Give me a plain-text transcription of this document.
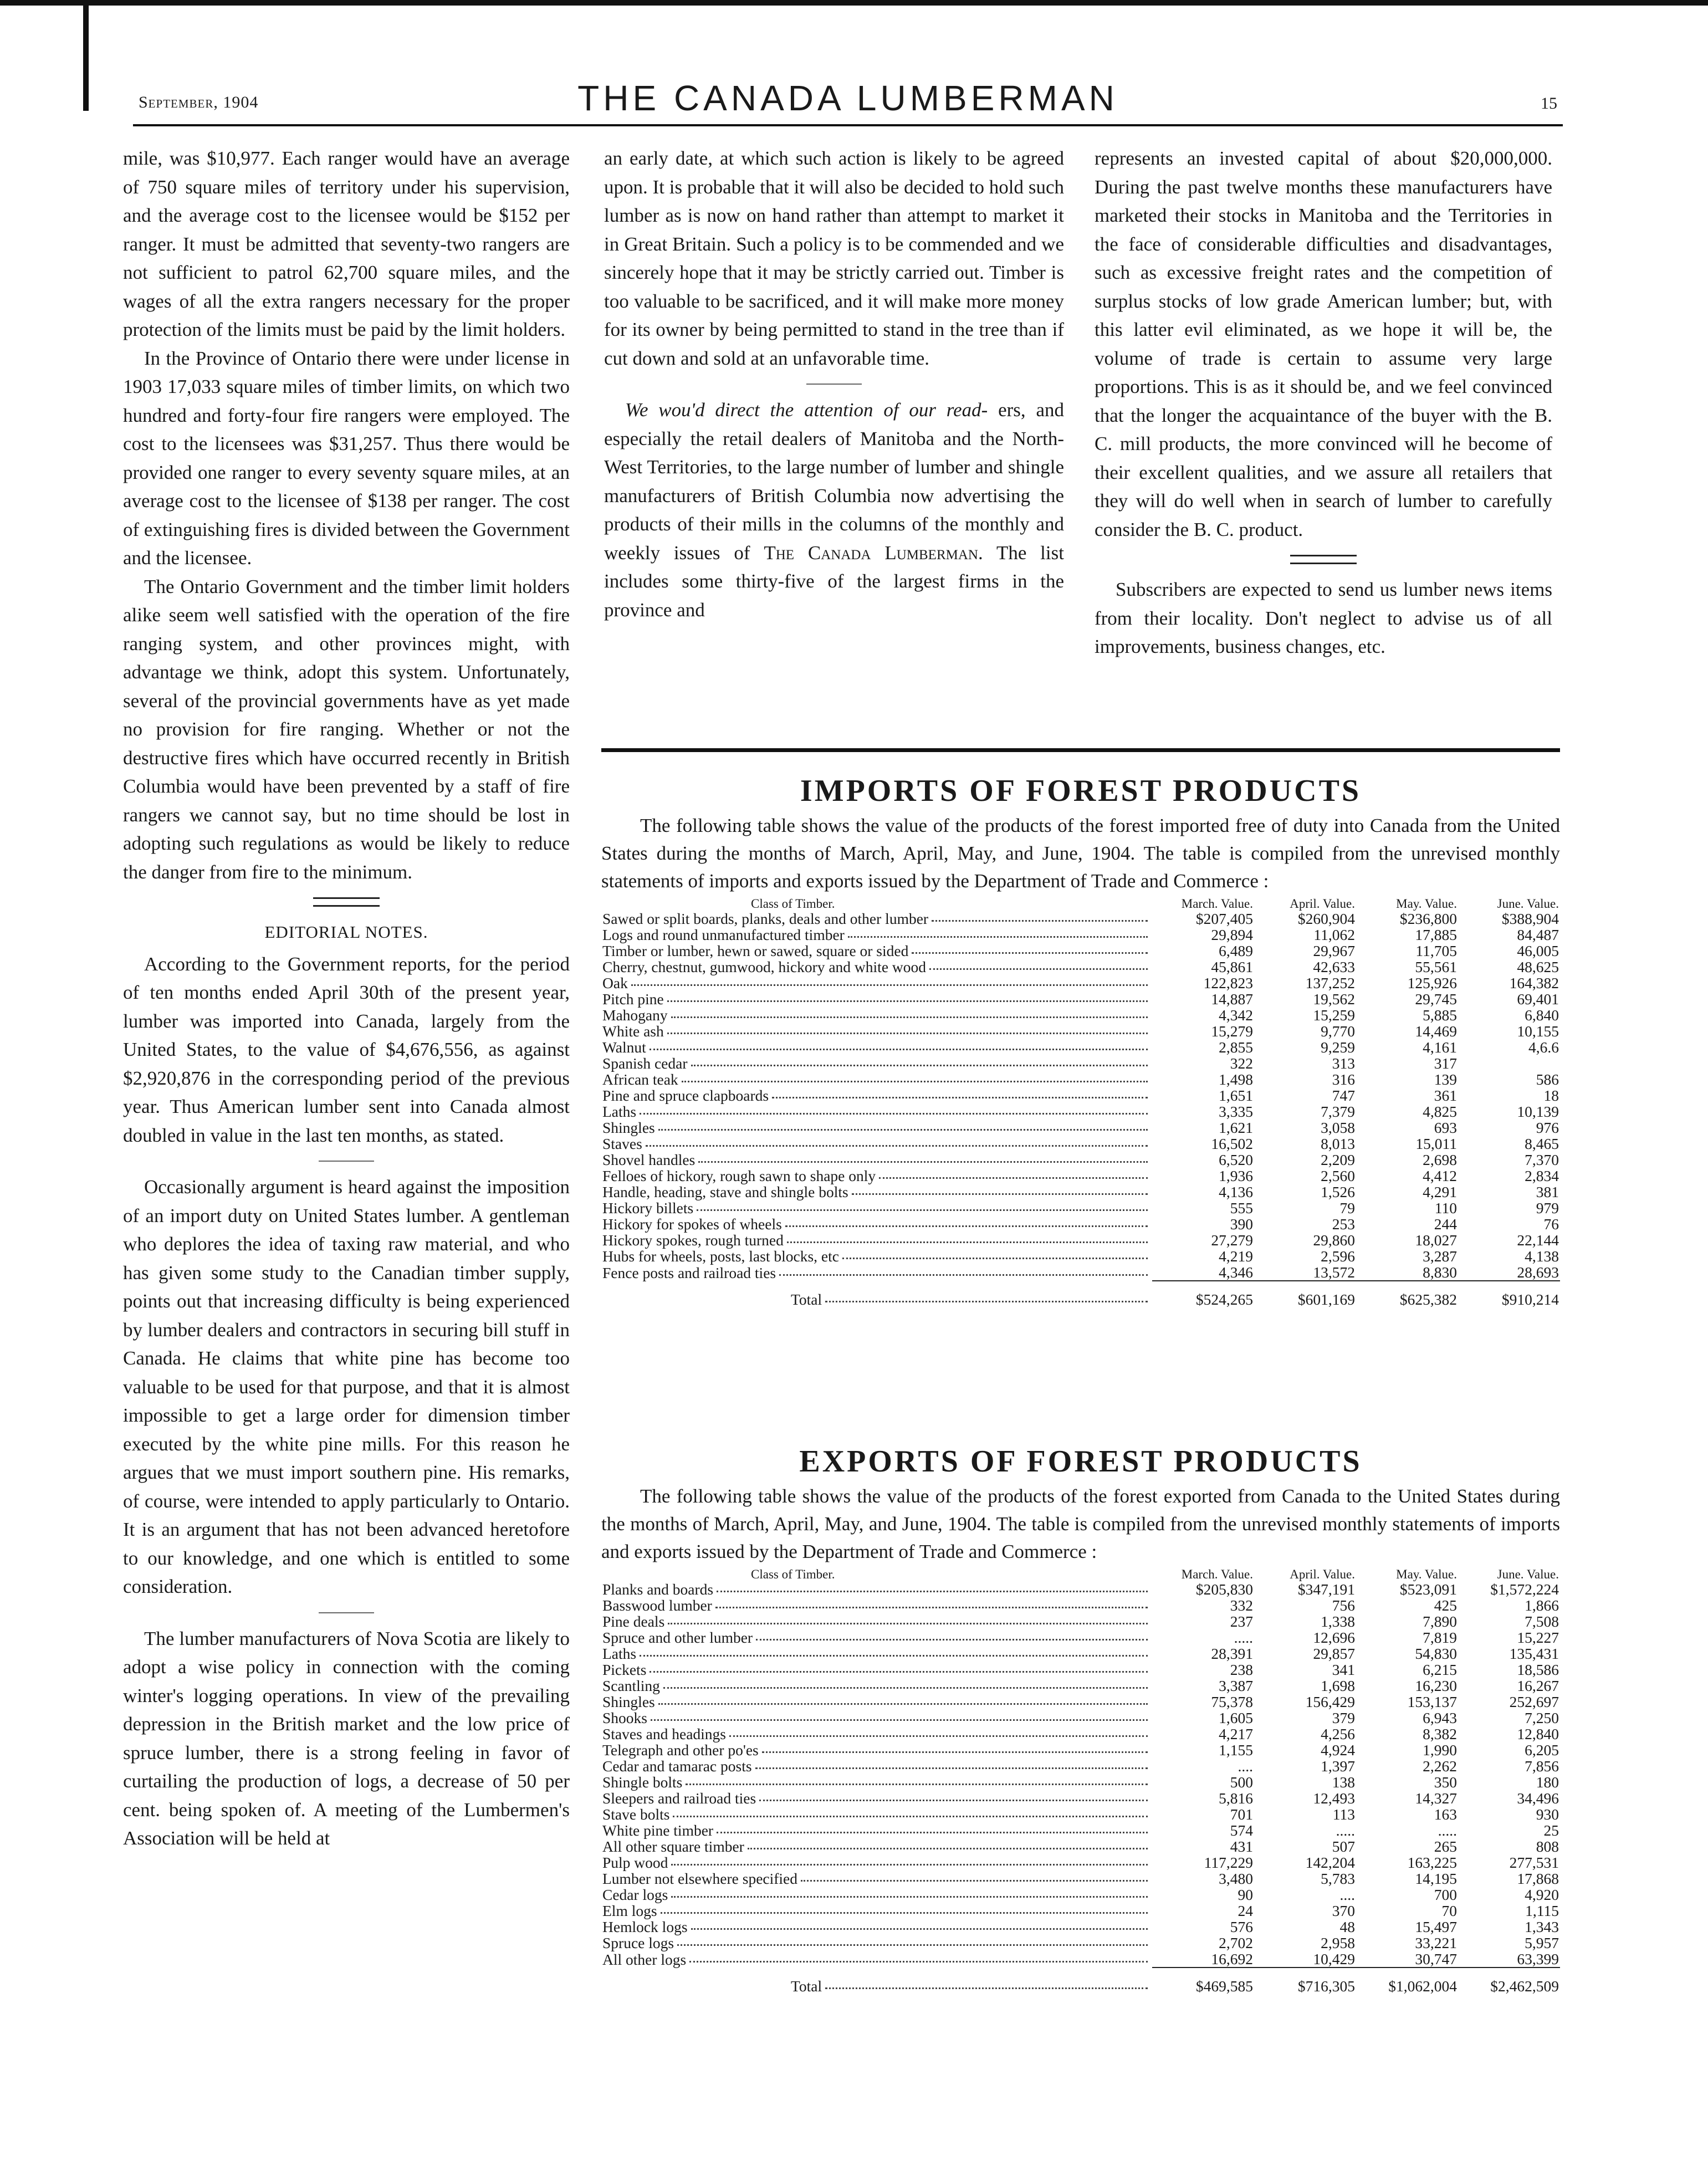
September, 1904	THE CANADA LUMBERMAN	15

mile, was $10,977. Each ranger would have an average of 750 square miles of territory under his supervision, and the average cost to the licensee would be $152 per ranger. It must be admitted that seventy-two rangers are not sufficient to patrol 62,700 square miles, and the wages of all the extra rangers necessary for the proper protection of the limits must be paid by the limit holders.

In the Province of Ontario there were under license in 1903 17,033 square miles of timber limits, on which two hundred and forty-four fire rangers were employed. The cost to the licensees was $31,257. Thus there would be provided one ranger to every seventy square miles, at an average cost to the licensee of $138 per ranger. The cost of extinguishing fires is divided between the Government and the licensee.

The Ontario Government and the timber limit holders alike seem well satisfied with the operation of the fire ranging system, and other provinces might, with advantage we think, adopt this system. Unfortunately, several of the provincial governments have as yet made no provision for fire ranging. Whether or not the destructive fires which have occurred recently in British Columbia would have been prevented by a staff of fire rangers we cannot say, but no time should be lost in adopting such regulations as would be likely to reduce the danger from fire to the minimum.

EDITORIAL NOTES.

According to the Government reports, for the period of ten months ended April 30th of the present year, lumber was imported into Canada, largely from the United States, to the value of $4,676,556, as against $2,920,876 in the corresponding period of the previous year. Thus American lumber sent into Canada almost doubled in value in the last ten months, as stated.

Occasionally argument is heard against the imposition of an import duty on United States lumber. A gentleman who deplores the idea of taxing raw material, and who has given some study to the Canadian timber supply, points out that increasing difficulty is being experienced by lumber dealers and contractors in securing bill stuff in Canada. He claims that white pine has become too valuable to be used for that purpose, and that it is almost impossible to get a large order for dimension timber executed by the white pine mills. For this reason he argues that we must import southern pine. His remarks, of course, were intended to apply particularly to Ontario. It is an argument that has not been advanced heretofore to our knowledge, and one which is entitled to some consideration.

The lumber manufacturers of Nova Scotia are likely to adopt a wise policy in connection with the coming winter's logging operations. In view of the prevailing depression in the British market and the low price of spruce lumber, there is a strong feeling in favor of curtailing the production of logs, a decrease of 50 per cent. being spoken of. A meeting of the Lumbermen's Association will be held at

an early date, at which such action is likely to be agreed upon. It is probable that it will also be decided to hold such lumber as is now on hand rather than attempt to market it in Great Britain. Such a policy is to be commended and we sincerely hope that it may be strictly carried out. Timber is too valuable to be sacrificed, and it will make more money for its owner by being permitted to stand in the tree than if cut down and sold at an unfavorable time.

We wou'd direct the attention of our read- ers, and especially the retail dealers of Manitoba and the North-West Territories, to the large number of lumber and shingle manufacturers of British Columbia now advertising the products of their mills in the columns of the monthly and weekly issues of The Canada Lumberman. The list includes some thirty-five of the largest firms in the province and

represents an invested capital of about $20,000,000. During the past twelve months these manufacturers have marketed their stocks in Manitoba and the Territories in the face of considerable difficulties and disadvantages, such as excessive freight rates and the competition of surplus stocks of low grade American lumber; but, with this latter evil eliminated, as we hope it will be, the volume of trade is certain to assume very large proportions. This is as it should be, and we feel convinced that the longer the acquaintance of the buyer with the B. C. mill products, the more convinced will he become of their excellent qualities, and we assure all retailers that they will do well when in search of lumber to carefully consider the B. C. product.

Subscribers are expected to send us lumber news items from their locality. Don't neglect to advise us of all improvements, business changes, etc.

IMPORTS OF FOREST PRODUCTS
The following table shows the value of the products of the forest imported free of duty into Canada from the United States during the months of March, April, May, and June, 1904. The table is compiled from the unrevised monthly statements of imports and exports issued by the Department of Trade and Commerce :
Class of Timber.	March. Value.	April. Value.	May. Value.	June. Value.

Sawed or split boards, planks, deals and other lumber	$207,405	$260,904	$236,800	$388,904

Logs and round unmanufactured timber	29,894	11,062	17,885	84,487

Timber or lumber, hewn or sawed, square or sided	6,489	29,967	11,705	46,005

Cherry, chestnut, gumwood, hickory and white wood	45,861	42,633	55,561	48,625

Oak	122,823	137,252	125,926	164,382

Pitch pine	14,887	19,562	29,745	69,401

Mahogany	4,342	15,259	5,885	6,840

White ash	15,279	9,770	14,469	10,155

Walnut	2,855	9,259	4,161	4,6.6

Spanish cedar	322	313	317	

African teak	1,498	316	139	586

Pine and spruce clapboards	1,651	747	361	18

Laths	3,335	7,379	4,825	10,139

Shingles	1,621	3,058	693	976

Staves	16,502	8,013	15,011	8,465

Shovel handles	6,520	2,209	2,698	7,370

Felloes of hickory, rough sawn to shape only	1,936	2,560	4,412	2,834

Handle, heading, stave and shingle bolts	4,136	1,526	4,291	381

Hickory billets	555	79	110	979

Hickory for spokes of wheels	390	253	244	76

Hickory spokes, rough turned	27,279	29,860	18,027	22,144

Hubs for wheels, posts, last blocks, etc	4,219	2,596	3,287	4,138

Fence posts and railroad ties	4,346	13,572	8,830	28,693

Total	$524,265	$601,169	$625,382	$910,214
EXPORTS OF FOREST PRODUCTS
The following table shows the value of the products of the forest exported from Canada to the United States during the months of March, April, May, and June, 1904. The table is compiled from the unrevised monthly statements of imports and exports issued by the Department of Trade and Commerce :
Class of Timber.	March. Value.	April. Value.	May. Value.	June. Value.

Planks and boards	$205,830	$347,191	$523,091	$1,572,224

Basswood lumber	332	756	425	1,866

Pine deals	237	1,338	7,890	7,508

Spruce and other lumber	.....	12,696	7,819	15,227

Laths	28,391	29,857	54,830	135,431

Pickets	238	341	6,215	18,586

Scantling	3,387	1,698	16,230	16,267

Shingles	75,378	156,429	153,137	252,697

Shooks	1,605	379	6,943	7,250

Staves and headings	4,217	4,256	8,382	12,840

Telegraph and other po'es	1,155	4,924	1,990	6,205

Cedar and tamarac posts	....	1,397	2,262	7,856

Shingle bolts	500	138	350	180

Sleepers and railroad ties	5,816	12,493	14,327	34,496

Stave bolts	701	113	163	930

White pine timber	574	.....	.....	25

All other square timber	431	507	265	808

Pulp wood	117,229	142,204	163,225	277,531

Lumber not elsewhere specified	3,480	5,783	14,195	17,868

Cedar logs	90	....	700	4,920

Elm logs	24	370	70	1,115

Hemlock logs	576	48	15,497	1,343

Spruce logs	2,702	2,958	33,221	5,957

All other logs	16,692	10,429	30,747	63,399

Total	$469,585	$716,305	$1,062,004	$2,462,509
